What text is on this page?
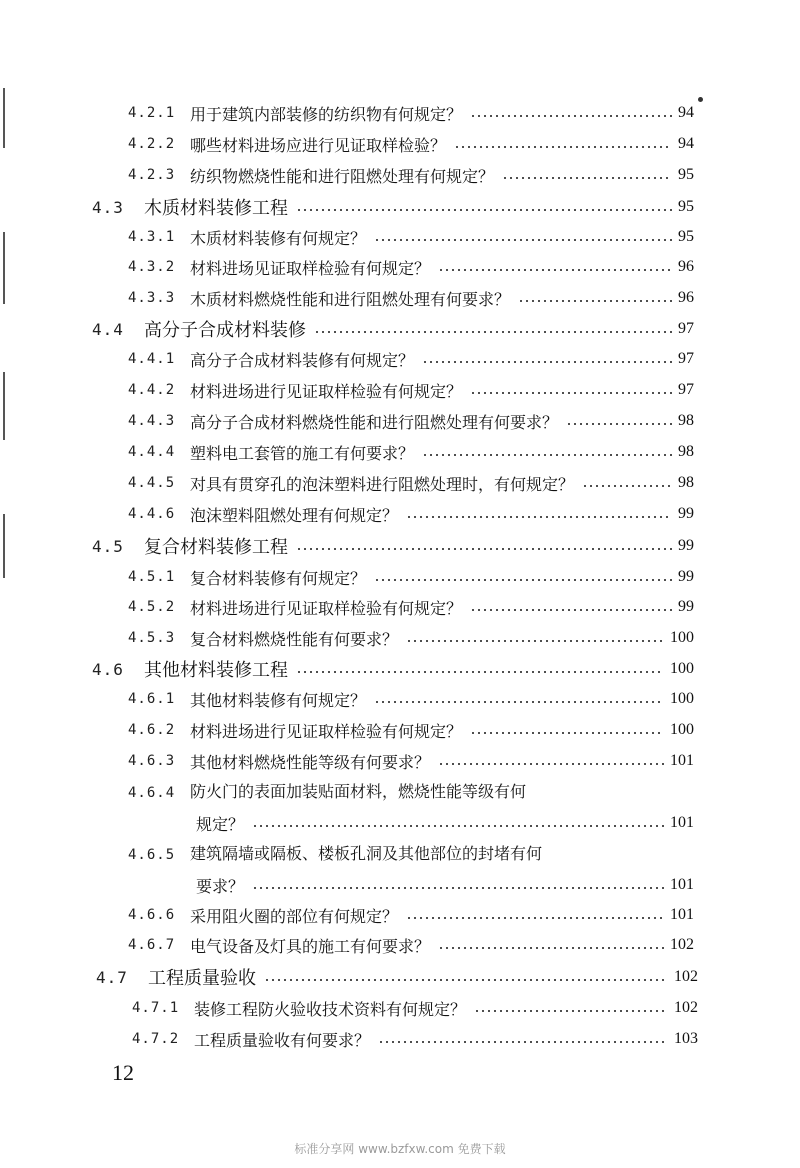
4.2.1 用于建筑内部装修的纺织物有何规定？	94
4.2.2 哪些材料进场应进行见证取样检验？	94
4.2.3 纺织物燃烧性能和进行阻燃处理有何规定？	95
4.3	木质材料装修工程	95
4.3.1 木质材料装修有何规定？	95
4.3.2 材料进场见证取样检验有何规定？	96
4.3.3 木质材料燃烧性能和进行阻燃处理有何要求？	96
4.4	高分子合成材料装修	97
4.4.1 高分子合成材料装修有何规定？	97
4.4.2 材料进场进行见证取样检验有何规定？	97
4.4.3 高分子合成材料燃烧性能和进行阻燃处理有何要求？	98
4.4.4 塑料电工套管的施工有何要求？	98
4.4.5 对具有贯穿孔的泡沫塑料进行阻燃处理时，有何规定？	98
4.4.6 泡沫塑料阻燃处理有何规定？	99
4.5	复合材料装修工程	99
4.5.1 复合材料装修有何规定？	99
4.5.2 材料进场进行见证取样检验有何规定？	99
4.5.3 复合材料燃烧性能有何要求？	100
4.6	其他材料装修工程	100
4.6.1 其他材料装修有何规定？	100
4.6.2 材料进场进行见证取样检验有何规定？	100
4.6.3 其他材料燃烧性能等级有何要求？	101
4.6.4 防火门的表面加装贴面材料，燃烧性能等级有何
规定？	101
4.6.5 建筑隔墙或隔板、楼板孔洞及其他部位的封堵有何
要求？	101
4.6.6 采用阻火圈的部位有何规定？	101
4.6.7 电气设备及灯具的施工有何要求？	102
4.7	工程质量验收	102
4.7.1 装修工程防火验收技术资料有何规定？	102
4.7.2 工程质量验收有何要求？	103
12
标准分享网 www.bzfxw.com 免费下载
